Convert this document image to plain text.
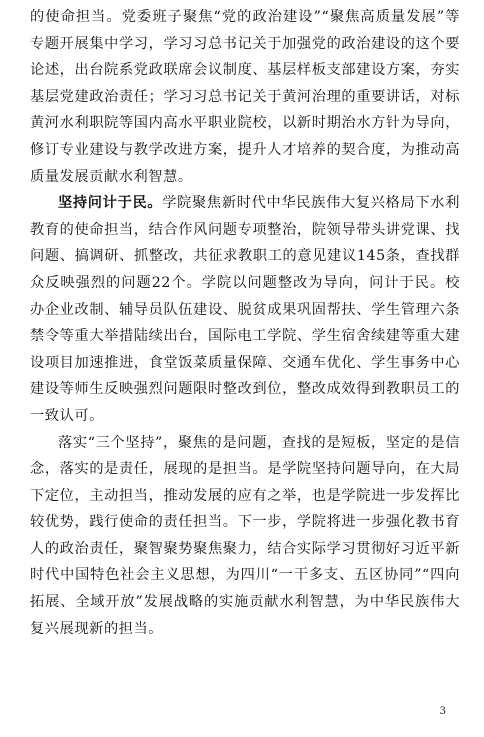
的使命担当。党委班子聚焦“党的政治建设”“聚焦高质量发展”等专题开展集中学习，学习习总书记关于加强党的政治建设的这个要论述，出台院系党政联席会议制度、基层样板支部建设方案，夯实基层党建政治责任；学习习总书记关于黄河治理的重要讲话，对标黄河水利职院等国内高水平职业院校，以新时期治水方针为导向，修订专业建设与教学改进方案，提升人才培养的契合度，为推动高质量发展贡献水利智慧。

坚持问计于民。学院聚焦新时代中华民族伟大复兴格局下水利教育的使命担当，结合作风问题专项整治，院领导带头讲党课、找问题、搞调研、抓整改，共征求教职工的意见建议145条，查找群众反映强烈的问题22个。学院以问题整改为导向，问计于民。校办企业改制、辅导员队伍建设、脱贫成果巩固帮扶、学生管理六条禁令等重大举措陆续出台，国际电工学院、学生宿舍续建等重大建设项目加速推进，食堂饭菜质量保障、交通车优化、学生事务中心建设等师生反映强烈问题限时整改到位，整改成效得到教职员工的一致认可。

落实“三个坚持”，聚焦的是问题，查找的是短板，坚定的是信念，落实的是责任，展现的是担当。是学院坚持问题导向，在大局下定位，主动担当，推动发展的应有之举，也是学院进一步发挥比较优势，践行使命的责任担当。下一步，学院将进一步强化教书育人的政治责任，聚智聚势聚焦聚力，结合实际学习贯彻好习近平新时代中国特色社会主义思想，为四川“一干多支、五区协同”“四向拓展、全域开放”发展战略的实施贡献水利智慧，为中华民族伟大复兴展现新的担当。

3
